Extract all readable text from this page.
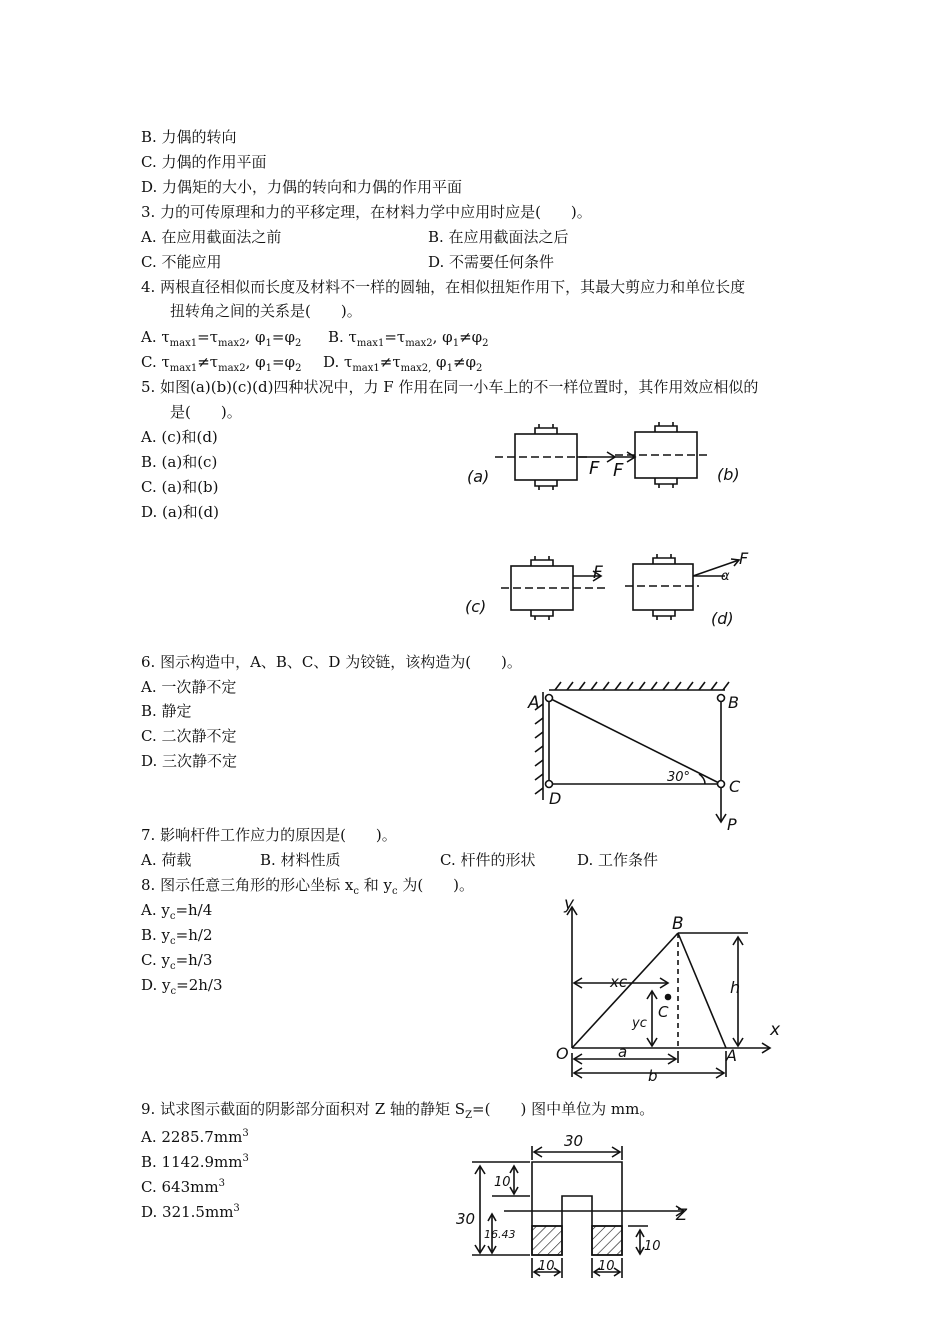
B. 力偶的转向
C. 力偶的作用平面
D. 力偶矩的大小，力偶的转向和力偶的作用平面
3. 力的可传原理和力的平移定理，在材料力学中应用时应是(　　)。
A. 在应用截面法之前	B. 在应用截面法之后
C. 不能应用	D. 不需要任何条件
4. 两根直径相似而长度及材料不一样的圆轴，在相似扭矩作用下，其最大剪应力和单位长度
扭转角之间的关系是(　　)。
A. $\tau_{max1}=\tau_{max2}$, $\varphi_1=\varphi_2$ B. $\tau_{max1}=\tau_{max2}$, $\varphi_1\ne\varphi_2$
C. $\tau_{max1}\ne\tau_{max2}$, $\varphi_1=\varphi_2$ D. $\tau_{max1}\ne\tau_{max2,}$ $\varphi_1\ne\varphi_2$
5. 如图(a)(b)(c)(d)四种状况中，力 F 作用在同一小车上的不一样位置时，其作用效应相似的
是(　　)。
A. (c)和(d)
B. (a)和(c)
C. (a)和(b)
D. (a)和(d)
(a)	F F	(b)
F
(c)
F
α
(d)
6. 图示构造中，A、B、C、D 为铰链，该构造为(　　)。
A. 一次静不定
B. 静定
C. 二次静不定
D. 三次静不定
A	B
C
D
30°
P
7. 影响杆件工作应力的原因是(　　)。
A. 荷载	B. 材料性质	C. 杆件的形状	D. 工作条件
8. 图示任意三角形的形心坐标 $x_c$ 和 $y_c$ 为(　　)。
A. $y_c=h/4$
B. $y_c=h/2$
C. $y_c=h/3$
D. $y_c=2h/3$
y
x
O	A
B
C
h
a
b
xc
yc
9. 试求图示截面的阴影部分面积对 Z 轴的静矩 $S_Z=$(　　) 图中单位为 mm。
A. $2285.7mm^3$
B. $1142.9mm^3$
C. $643mm^3$
D. $321.5mm^3$
30
30
10
16.43
Z
10
10	10
